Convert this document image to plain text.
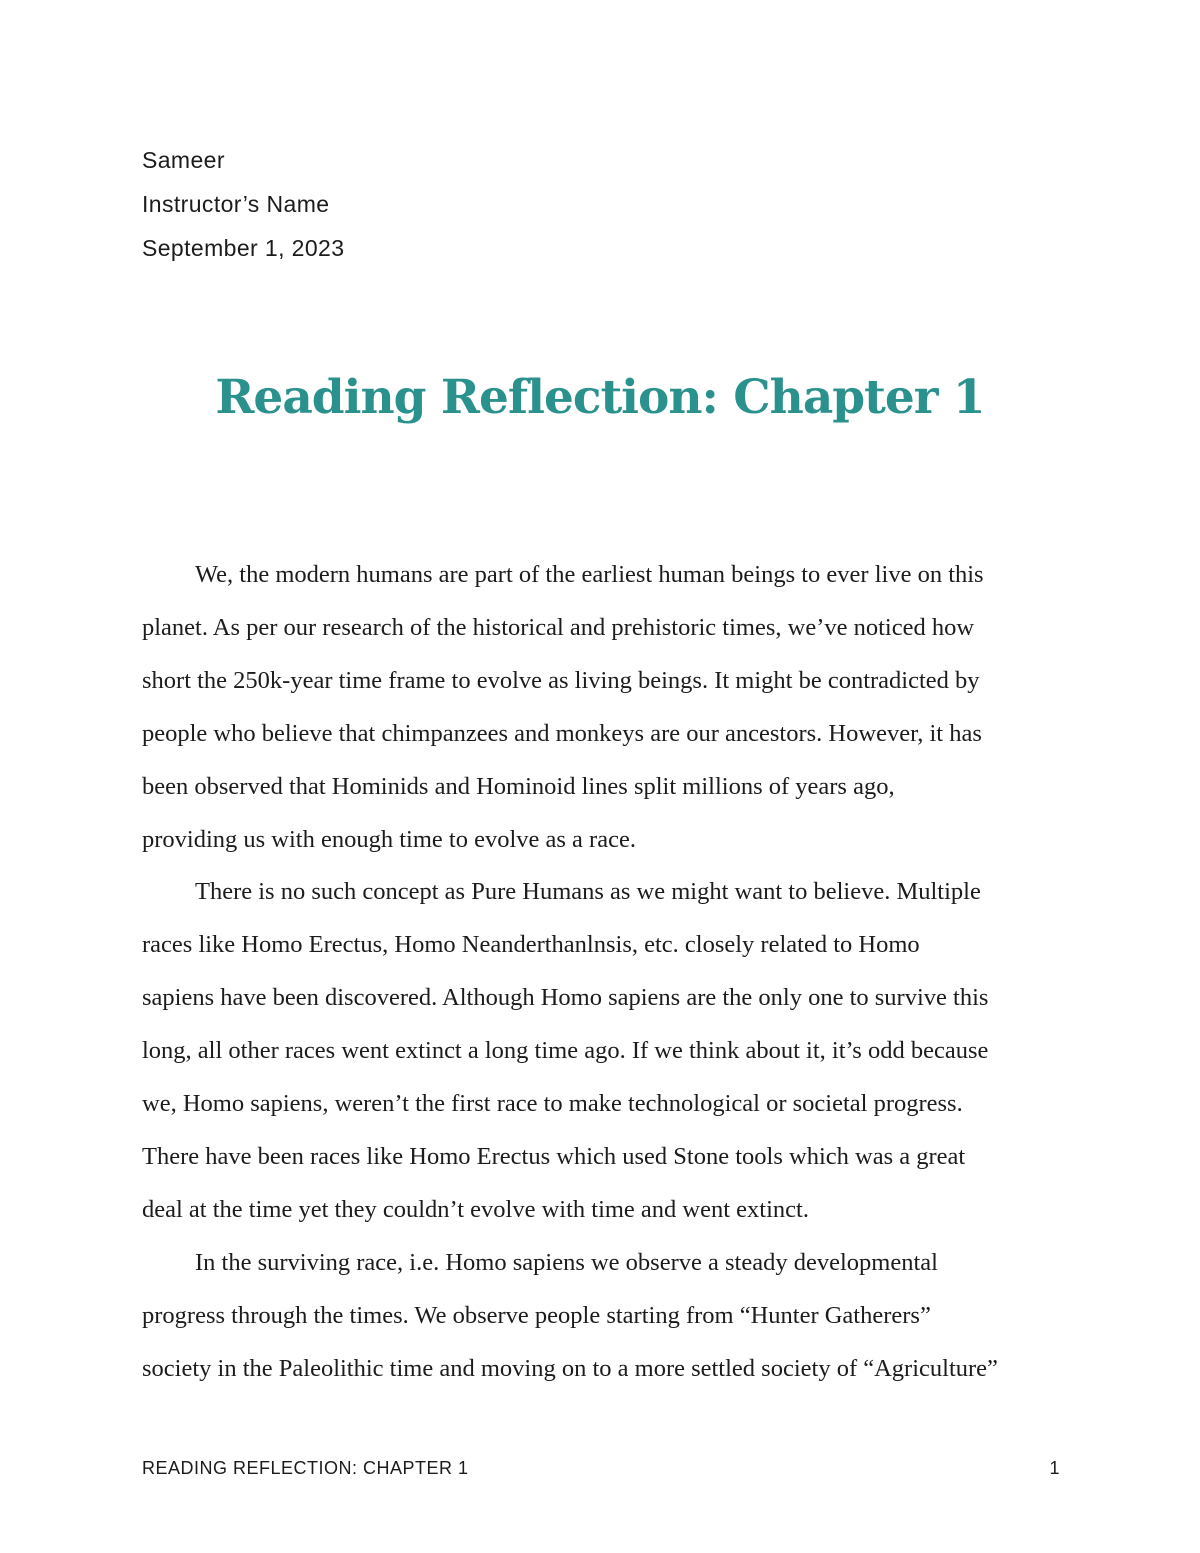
Sameer
Instructor’s Name
September 1, 2023
Reading Reflection: Chapter 1

We, the modern humans are part of the earliest human beings to ever live on this
planet. As per our research of the historical and prehistoric times, we’ve noticed how
short the 250k-year time frame to evolve as living beings. It might be contradicted by
people who believe that chimpanzees and monkeys are our ancestors. However, it has
been observed that Hominids and Hominoid lines split millions of years ago,
providing us with enough time to evolve as a race.

There is no such concept as Pure Humans as we might want to believe. Multiple
races like Homo Erectus, Homo Neanderthanlnsis, etc. closely related to Homo
sapiens have been discovered. Although Homo sapiens are the only one to survive this
long, all other races went extinct a long time ago. If we think about it, it’s odd because
we, Homo sapiens, weren’t the first race to make technological or societal progress.
There have been races like Homo Erectus which used Stone tools which was a great
deal at the time yet they couldn’t evolve with time and went extinct.

In the surviving race, i.e. Homo sapiens we observe a steady developmental
progress through the times. We observe people starting from “Hunter Gatherers”
society in the Paleolithic time and moving on to a more settled society of “Agriculture”

READING REFLECTION: CHAPTER 1	1
